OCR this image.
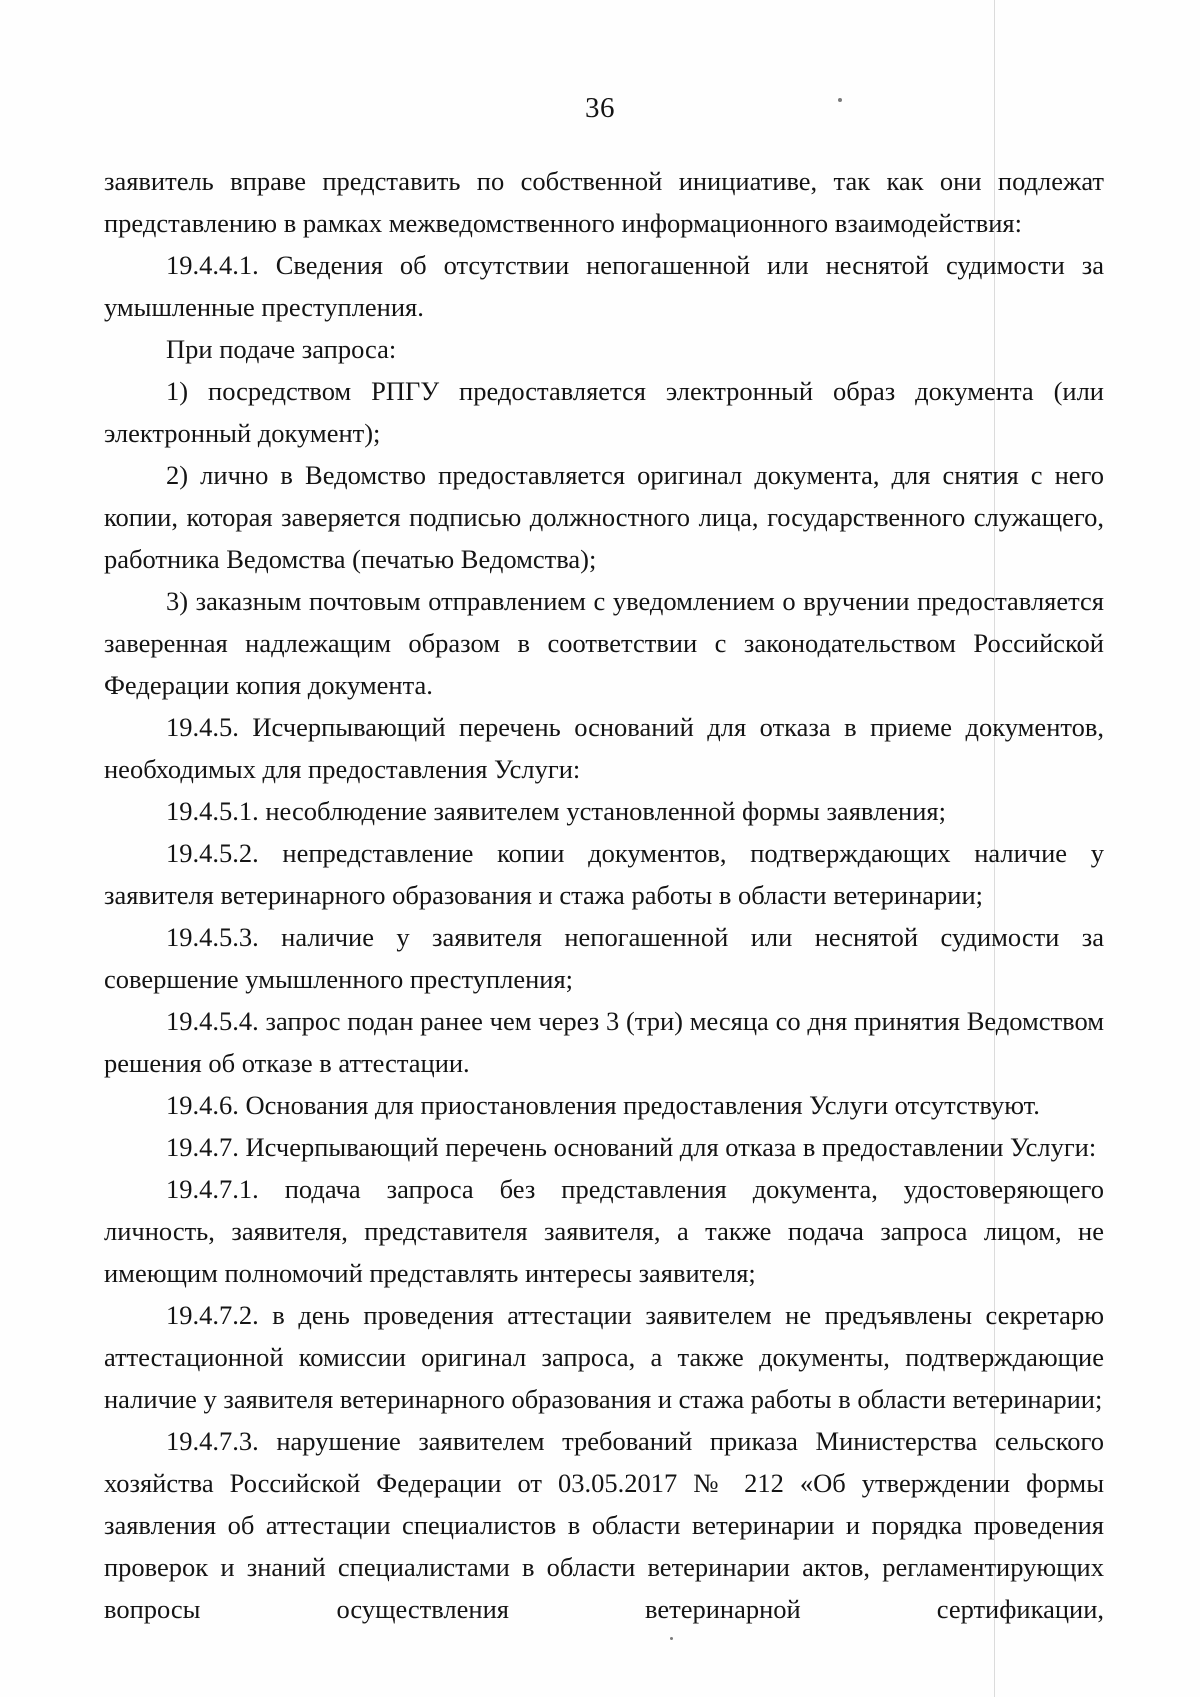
36

заявитель вправе представить по собственной инициативе, так как они подлежат представлению в рамках межведомственного информационного взаимодействия:

19.4.4.1. Сведения об отсутствии непогашенной или неснятой судимости за умышленные преступления.

При подаче запроса:

1) посредством РПГУ предоставляется электронный образ документа (или электронный документ);

2) лично в Ведомство предоставляется оригинал документа, для снятия с него копии, которая заверяется подписью должностного лица, государственного служащего, работника Ведомства (печатью Ведомства);

3) заказным почтовым отправлением с уведомлением о вручении предоставляется заверенная надлежащим образом в соответствии с законодательством Российской Федерации копия документа.

19.4.5. Исчерпывающий перечень оснований для отказа в приеме документов, необходимых для предоставления Услуги:

19.4.5.1. несоблюдение заявителем установленной формы заявления;

19.4.5.2. непредставление копии документов, подтверждающих наличие у заявителя ветеринарного образования и стажа работы в области ветеринарии;

19.4.5.3. наличие у заявителя непогашенной или неснятой судимости за совершение умышленного преступления;

19.4.5.4. запрос подан ранее чем через 3 (три) месяца со дня принятия Ведомством решения об отказе в аттестации.

19.4.6. Основания для приостановления предоставления Услуги отсутствуют.

19.4.7. Исчерпывающий перечень оснований для отказа в предоставлении Услуги:

19.4.7.1. подача запроса без представления документа, удостоверяющего личность, заявителя, представителя заявителя, а также подача запроса лицом, не имеющим полномочий представлять интересы заявителя;

19.4.7.2. в день проведения аттестации заявителем не предъявлены секретарю аттестационной комиссии оригинал запроса, а также документы, подтверждающие наличие у заявителя ветеринарного образования и стажа работы в области ветеринарии;

19.4.7.3. нарушение заявителем требований приказа Министерства сельского хозяйства Российской Федерации от 03.05.2017 № 212 «Об утверждении формы заявления об аттестации специалистов в области ветеринарии и порядка проведения проверок и знаний специалистами в области ветеринарии актов, регламентирующих вопросы осуществления ветеринарной сертификации,
